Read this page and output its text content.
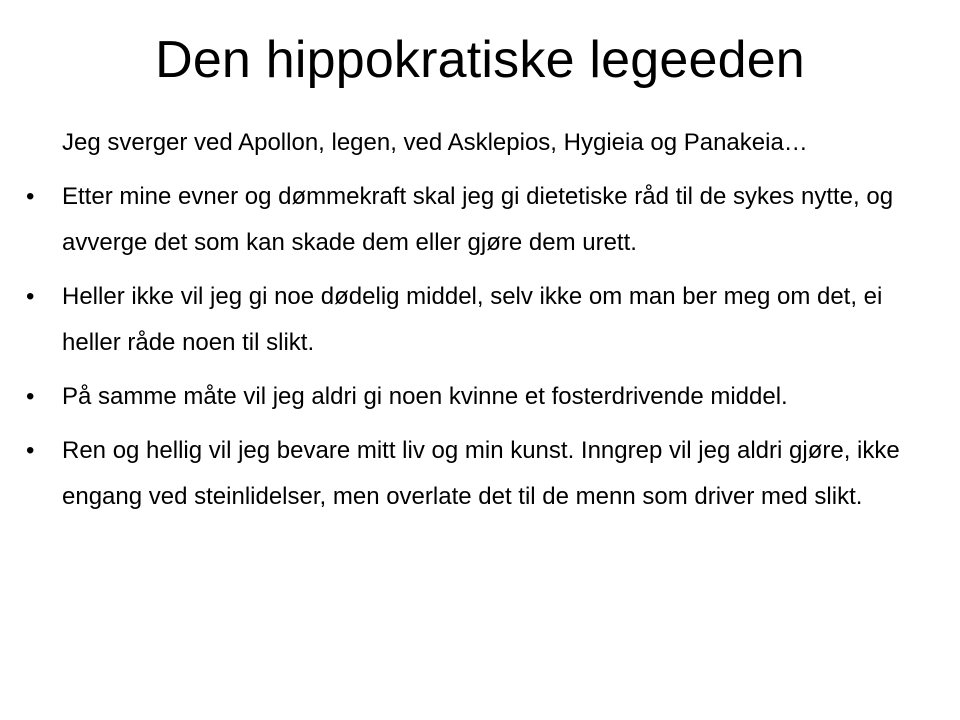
Den hippokratiske legeeden

Jeg sverger ved Apollon, legen, ved Asklepios, Hygieia og Panakeia…

•	Etter mine evner og dømmekraft skal jeg gi dietetiske råd til de sykes nytte, og avverge det som kan skade dem eller gjøre dem urett.
•	Heller ikke vil jeg gi noe dødelig middel, selv ikke om man ber meg om det, ei heller råde noen til slikt.
•	På samme måte vil jeg aldri gi noen kvinne et fosterdrivende middel.
•	Ren og hellig vil jeg bevare mitt liv og min kunst. Inngrep vil jeg aldri gjøre, ikke engang ved steinlidelser, men overlate det til de menn som driver med slikt.
